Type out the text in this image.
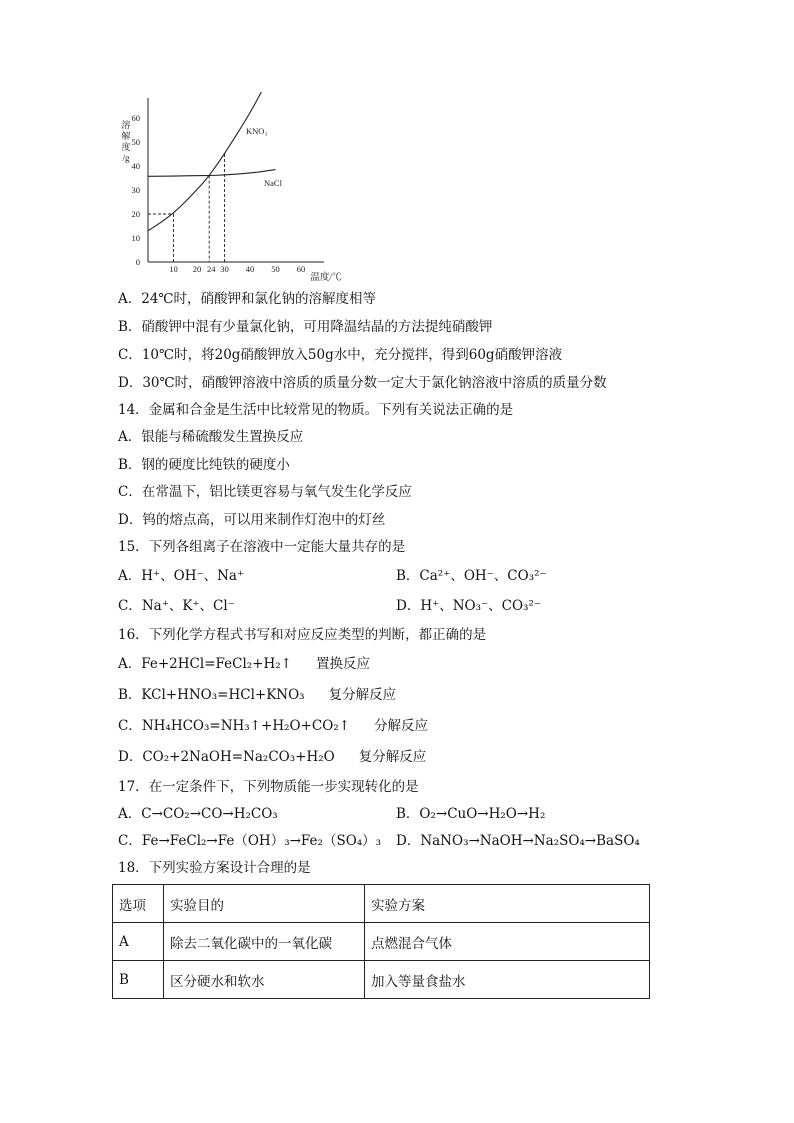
60
50
40
30
20
10
0
溶
解
度
/g
10 20 24 30 40 50 60
温度/℃
KNO₃
NaCl
A．24℃时，硝酸钾和氯化钠的溶解度相等
B．硝酸钾中混有少量氯化钠，可用降温结晶的方法提纯硝酸钾
C．10℃时，将20g硝酸钾放入50g水中，充分搅拌，得到60g硝酸钾溶液
D．30℃时，硝酸钾溶液中溶质的质量分数一定大于氯化钠溶液中溶质的质量分数
14．金属和合金是生活中比较常见的物质。下列有关说法正确的是
A．银能与稀硫酸发生置换反应
B．钢的硬度比纯铁的硬度小
C．在常温下，铝比镁更容易与氧气发生化学反应
D．钨的熔点高，可以用来制作灯泡中的灯丝
15．下列各组离子在溶液中一定能大量共存的是
A．H⁺、OH⁻、Na⁺	B．Ca²⁺、OH⁻、CO₃²⁻
C．Na⁺、K⁺、Cl⁻	D．H⁺、NO₃⁻、CO₃²⁻
16．下列化学方程式书写和对应反应类型的判断，都正确的是
A．Fe+2HCl=FeCl₂+H₂↑ 置换反应
B．KCl+HNO₃=HCl+KNO₃ 复分解反应
C．NH₄HCO₃=NH₃↑+H₂O+CO₂↑ 分解反应
D．CO₂+2NaOH=Na₂CO₃+H₂O 复分解反应
17．在一定条件下，下列物质能一步实现转化的是
A．C→CO₂→CO→H₂CO₃	B．O₂→CuO→H₂O→H₂
C．Fe→FeCl₂→Fe（OH）₃→Fe₂（SO₄）₃ D．NaNO₃→NaOH→Na₂SO₄→BaSO₄
18．下列实验方案设计合理的是
选项	实验目的	实验方案
A	除去二氧化碳中的一氧化碳	点燃混合气体
B	区分硬水和软水	加入等量食盐水
